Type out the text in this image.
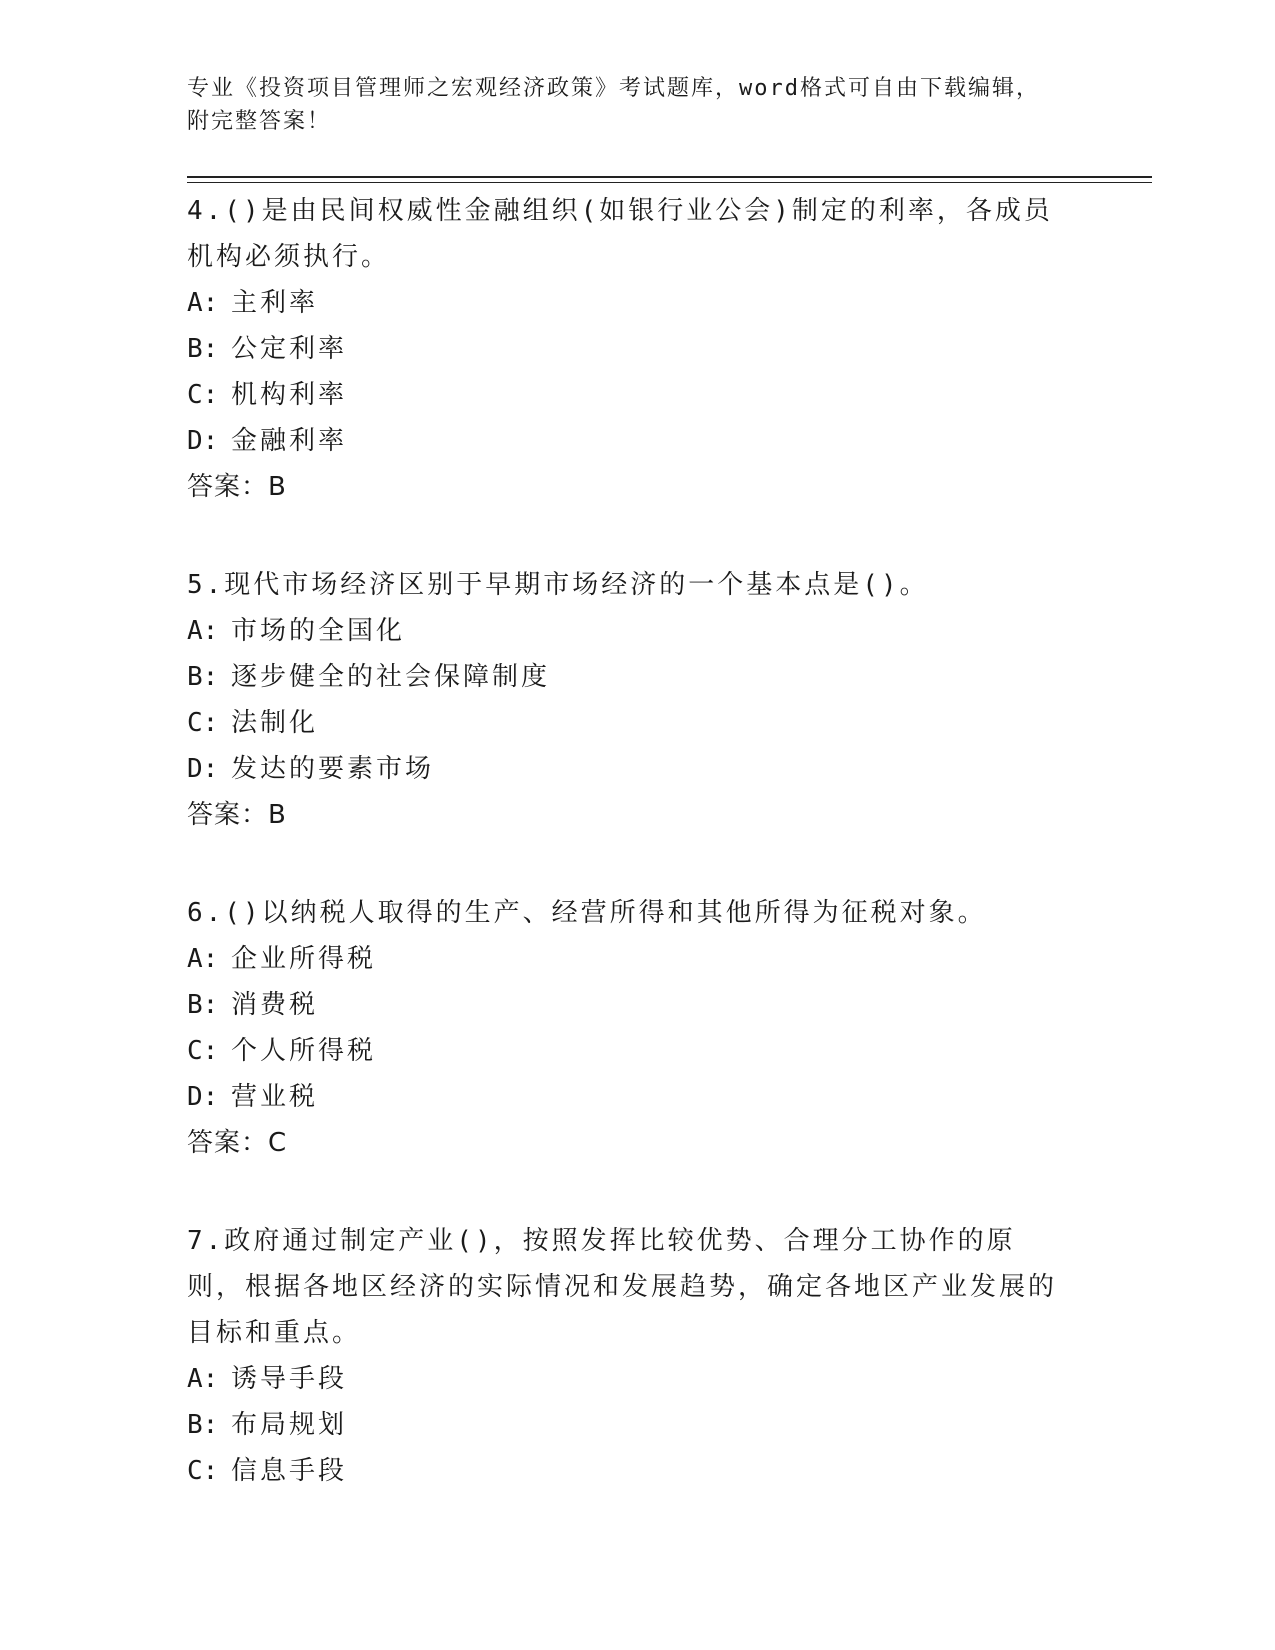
专业《投资项目管理师之宏观经济政策》考试题库，word格式可自由下载编辑，
附完整答案！

4.()是由民间权威性金融组织(如银行业公会)制定的利率，各成员机构必须执行。

A: 主利率

B: 公定利率

C: 机构利率

D: 金融利率

答案：B

5.现代市场经济区别于早期市场经济的一个基本点是()。

A: 市场的全国化

B: 逐步健全的社会保障制度

C: 法制化

D: 发达的要素市场

答案：B

6.()以纳税人取得的生产、经营所得和其他所得为征税对象。

A: 企业所得税

B: 消费税

C: 个人所得税

D: 营业税

答案：C

7.政府通过制定产业()，按照发挥比较优势、合理分工协作的原则，根据各地区经济的实际情况和发展趋势，确定各地区产业发展的目标和重点。

A: 诱导手段

B: 布局规划

C: 信息手段
